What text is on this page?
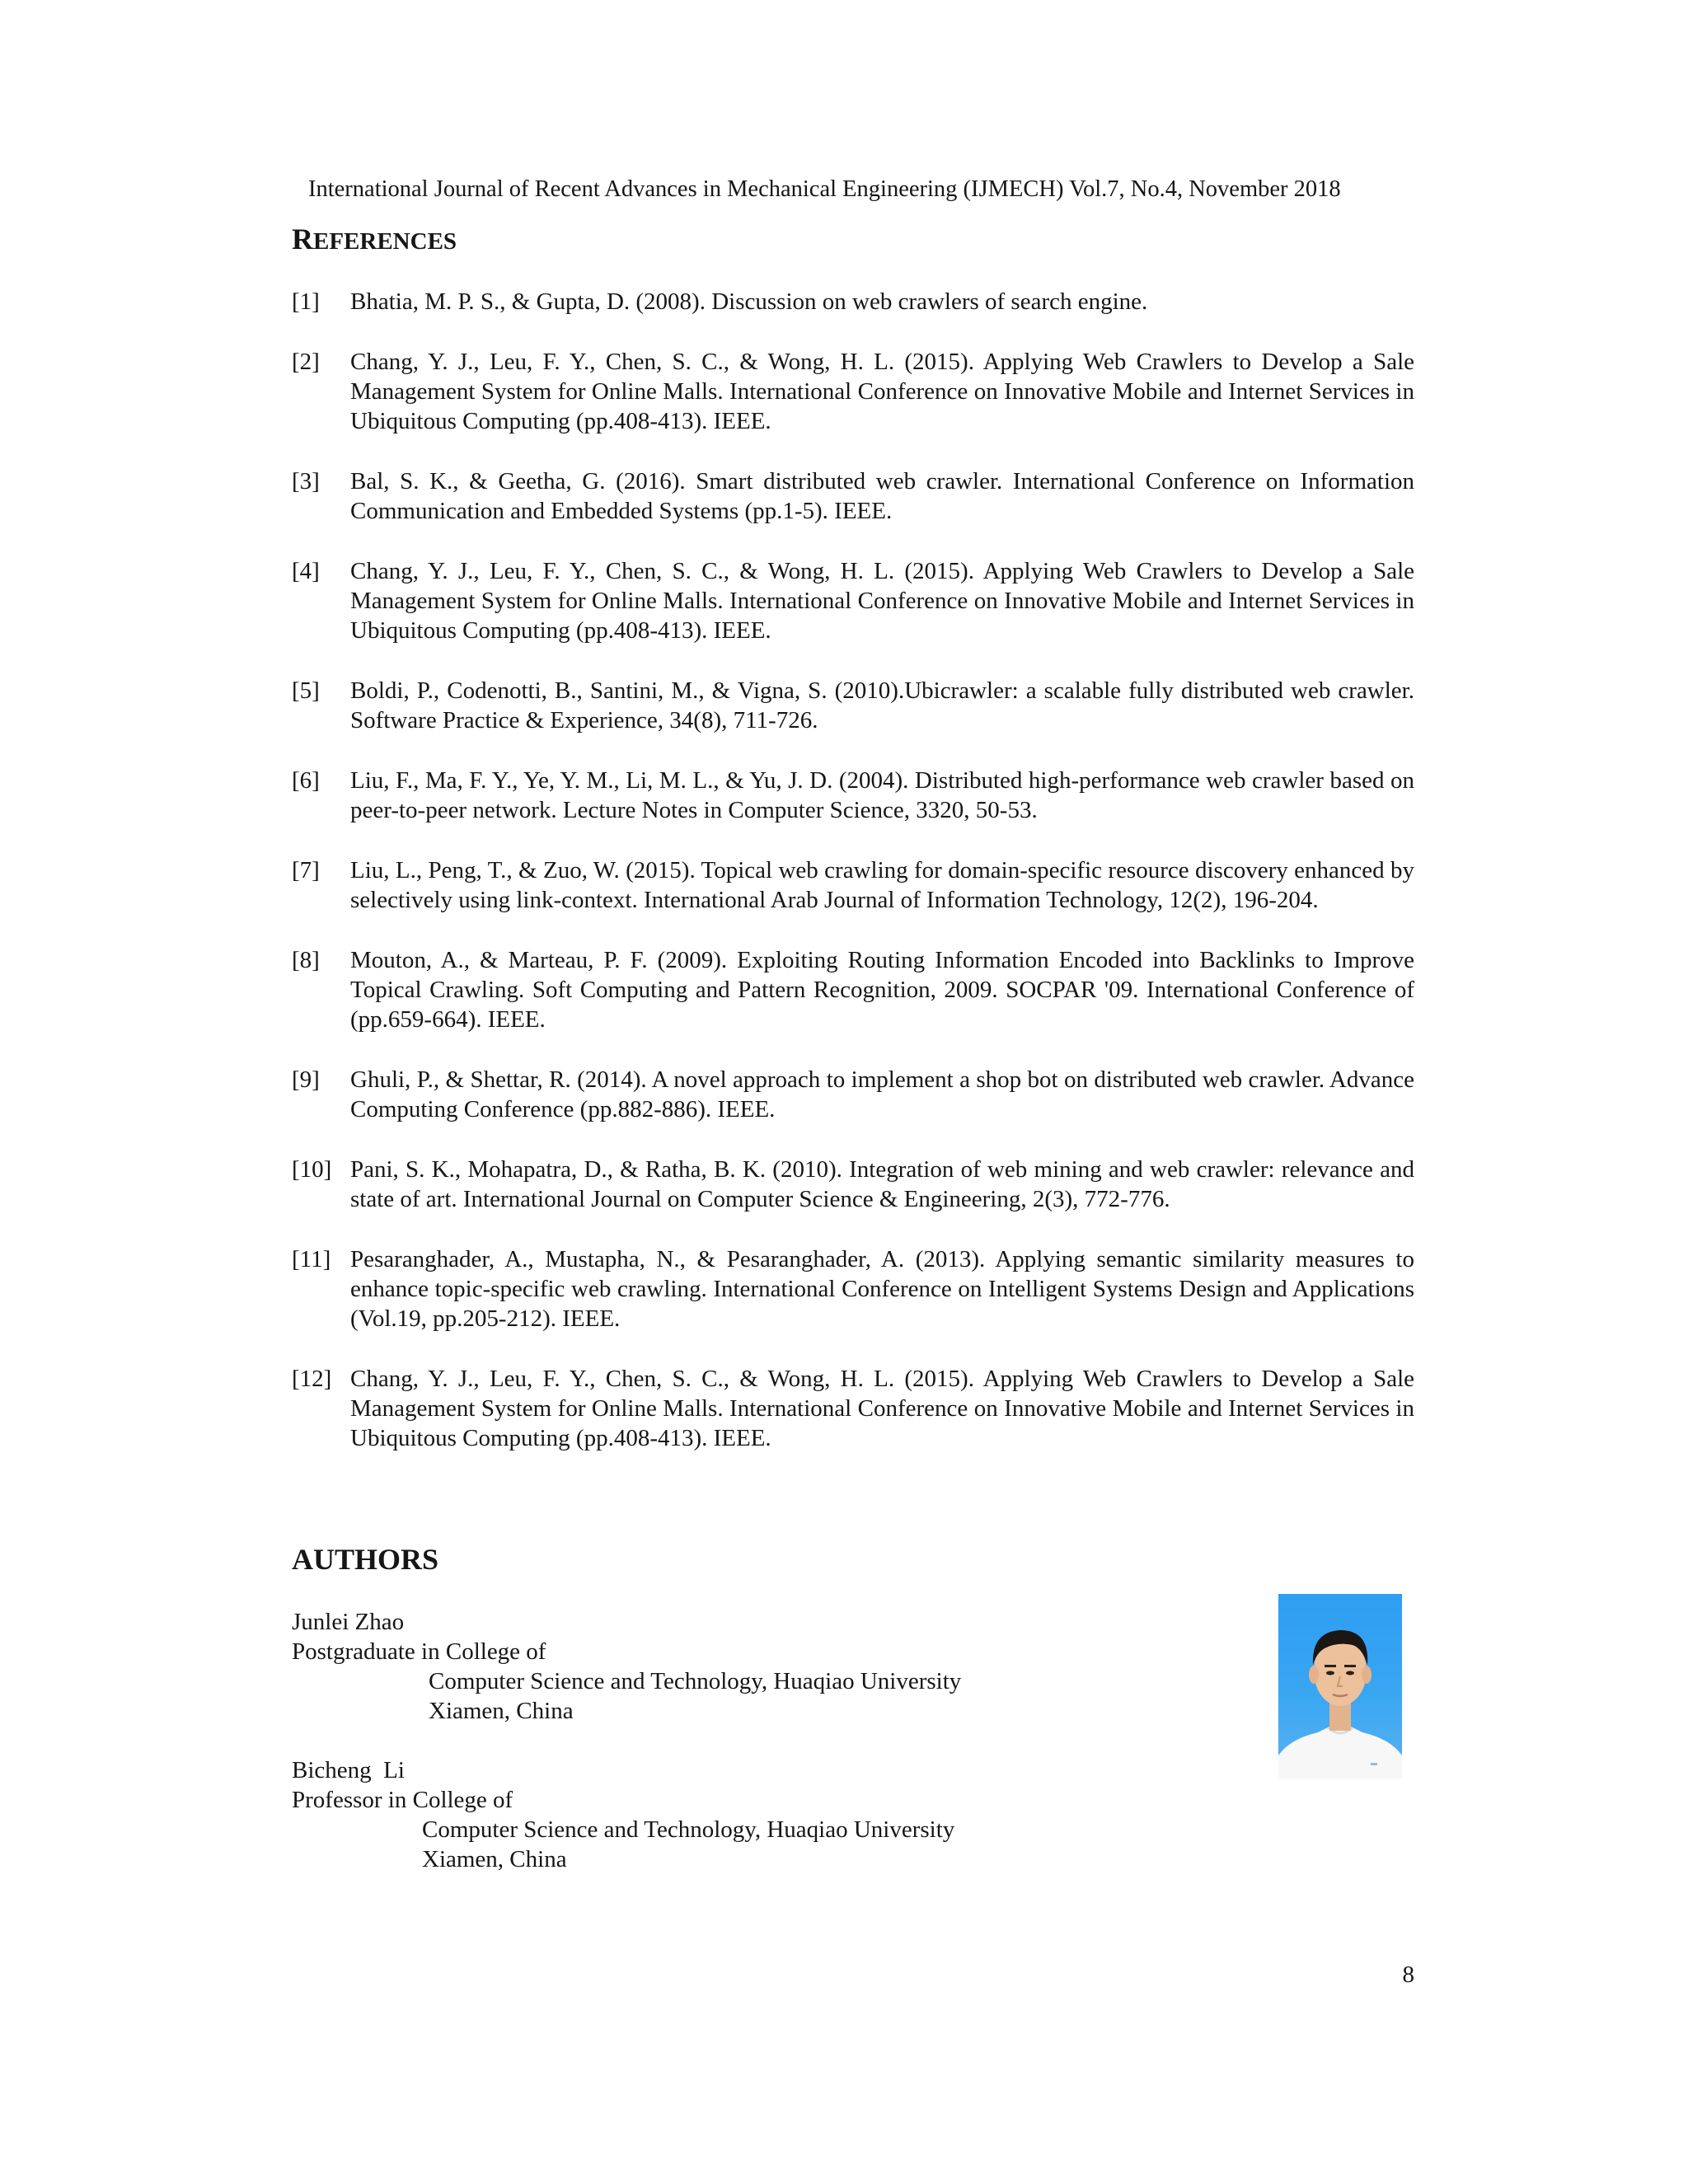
International Journal of Recent Advances in Mechanical Engineering (IJMECH) Vol.7, No.4, November 2018
REFERENCES
[1]	Bhatia, M. P. S., & Gupta, D. (2008). Discussion on web crawlers of search engine.
[2]	Chang, Y. J., Leu, F. Y., Chen, S. C., & Wong, H. L. (2015). Applying Web Crawlers to Develop a Sale Management System for Online Malls. International Conference on Innovative Mobile and Internet Services in Ubiquitous Computing (pp.408-413). IEEE.
[3]	Bal, S. K., & Geetha, G. (2016). Smart distributed web crawler. International Conference on Information Communication and Embedded Systems (pp.1-5). IEEE.
[4]	Chang, Y. J., Leu, F. Y., Chen, S. C., & Wong, H. L. (2015). Applying Web Crawlers to Develop a Sale Management System for Online Malls. International Conference on Innovative Mobile and Internet Services in Ubiquitous Computing (pp.408-413). IEEE.
[5]	Boldi, P., Codenotti, B., Santini, M., & Vigna, S. (2010).Ubicrawler: a scalable fully distributed web crawler. Software Practice & Experience, 34(8), 711-726.
[6]	Liu, F., Ma, F. Y., Ye, Y. M., Li, M. L., & Yu, J. D. (2004). Distributed high-performance web crawler based on peer-to-peer network. Lecture Notes in Computer Science, 3320, 50-53.
[7]	Liu, L., Peng, T., & Zuo, W. (2015). Topical web crawling for domain-specific resource discovery enhanced by selectively using link-context. International Arab Journal of Information Technology, 12(2), 196-204.
[8]	Mouton, A., & Marteau, P. F. (2009). Exploiting Routing Information Encoded into Backlinks to Improve Topical Crawling. Soft Computing and Pattern Recognition, 2009. SOCPAR '09. International Conference of (pp.659-664). IEEE.
[9]	Ghuli, P., & Shettar, R. (2014). A novel approach to implement a shop bot on distributed web crawler. Advance Computing Conference (pp.882-886). IEEE.
[10] Pani, S. K., Mohapatra, D., & Ratha, B. K. (2010). Integration of web mining and web crawler: relevance and state of art. International Journal on Computer Science & Engineering, 2(3), 772-776.
[11] Pesaranghader, A., Mustapha, N., & Pesaranghader, A. (2013). Applying semantic similarity measures to enhance topic-specific web crawling. International Conference on Intelligent Systems Design and Applications (Vol.19, pp.205-212). IEEE.
[12] Chang, Y. J., Leu, F. Y., Chen, S. C., & Wong, H. L. (2015). Applying Web Crawlers to Develop a Sale Management System for Online Malls. International Conference on Innovative Mobile and Internet Services in Ubiquitous Computing (pp.408-413). IEEE.
AUTHORS
Junlei Zhao
Postgraduate in College of
Computer Science and Technology, Huaqiao University
Xiamen, China
Bicheng  Li
Professor in College of
Computer Science and Technology, Huaqiao University
Xiamen, China
8
